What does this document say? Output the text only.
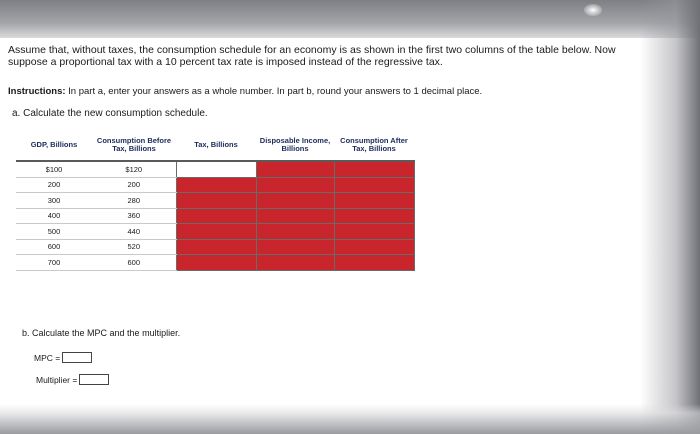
Assume that, without taxes, the consumption schedule for an economy is as shown in the first two columns of the table below. Now
suppose a proportional tax with a 10 percent tax rate is imposed instead of the regressive tax.
Instructions: In part a, enter your answers as a whole number. In part b, round your answers to 1 decimal place.
a. Calculate the new consumption schedule.
GDP, Billions	Consumption Before Tax, Billions	Tax, Billions	Disposable Income, Billions	Consumption After Tax, Billions
$100	$120			
200	200			
300	280			
400	360			
500	440			
600	520			
700	600			
b. Calculate the MPC and the multiplier.
MPC =
Multiplier =
